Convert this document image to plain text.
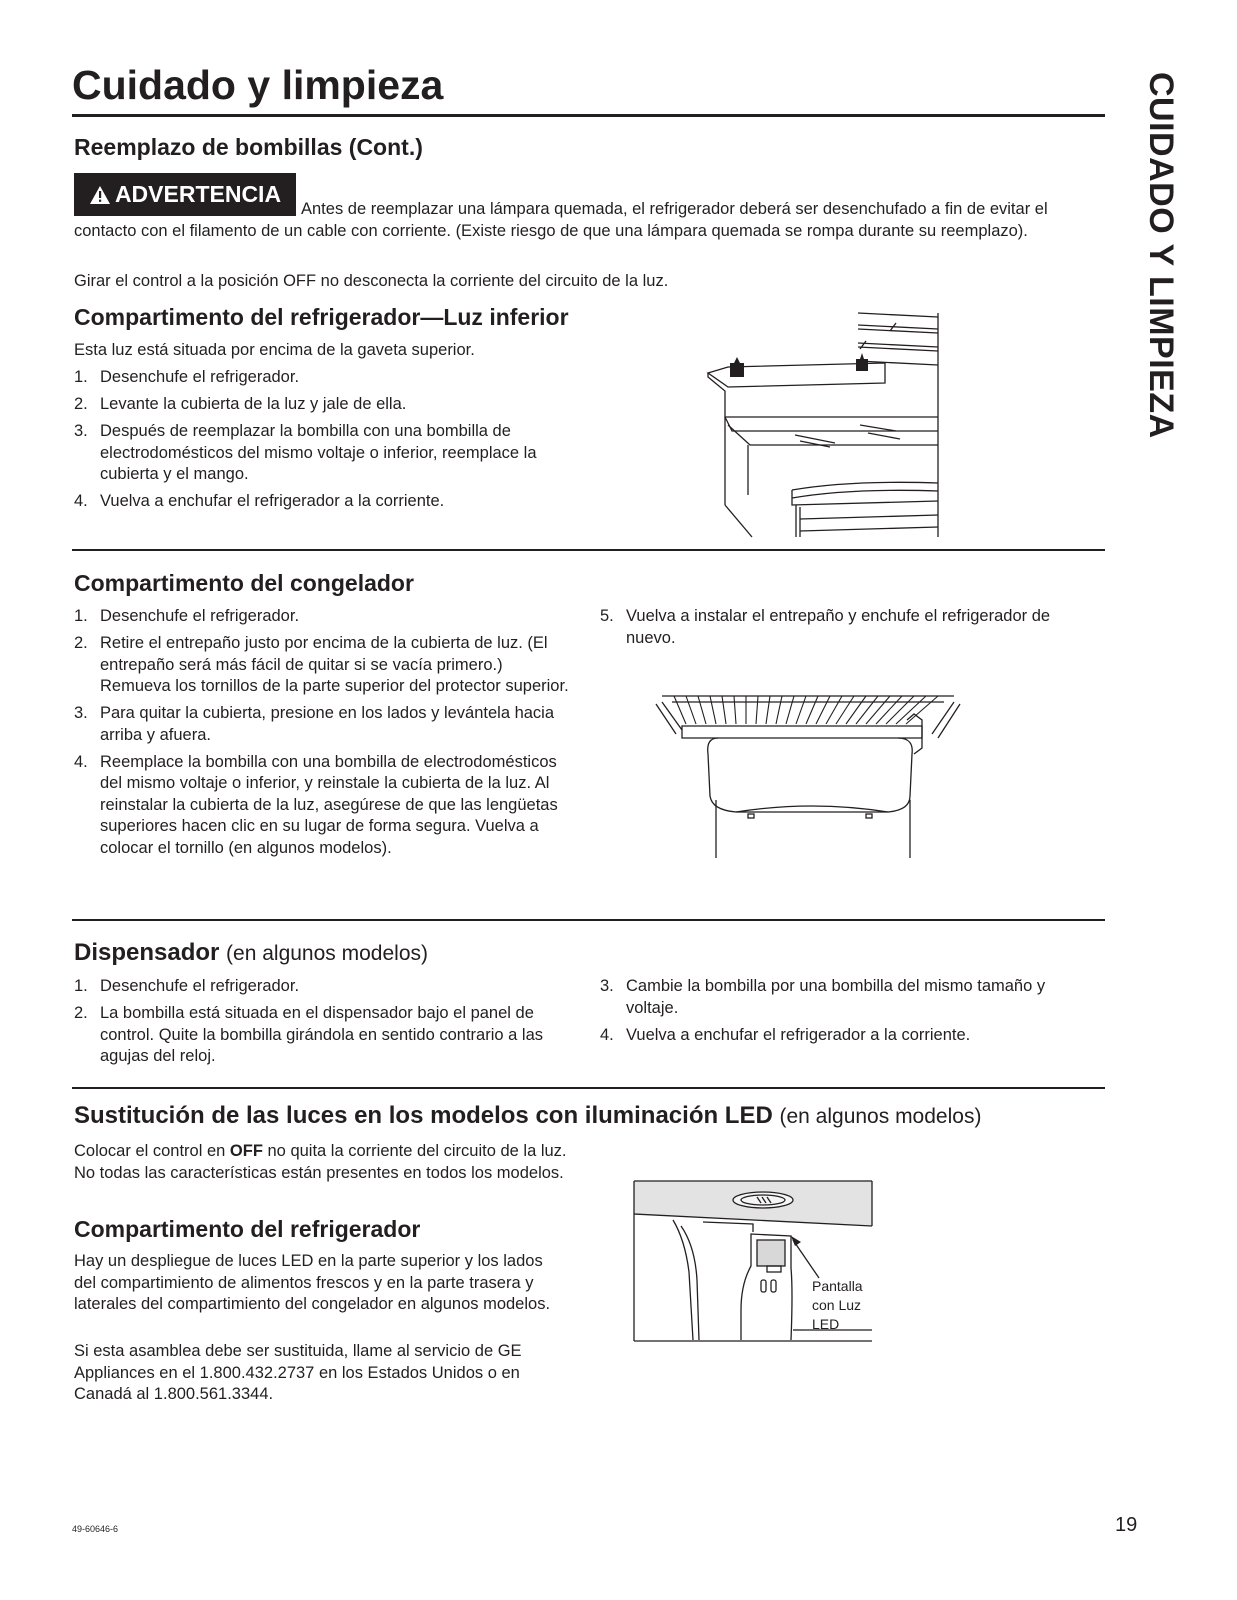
Cuidado y limpieza	CUIDADO Y LIMPIEZA
Reemplazo de bombillas (Cont.)

Antes de reemplazar una lámpara quemada, el refrigerador deberá ser desenchufado a fin de evitar el contacto con el filamento de un cable con corriente. (Existe riesgo de que una lámpara quemada se rompa durante su reemplazo).

ADVERTENCIA

Girar el control a la posición OFF no desconecta la corriente del circuito de la luz.

Compartimento del refrigerador—Luz inferior

Esta luz está situada por encima de la gaveta superior.

1. Desenchufe el refrigerador.
2. Levante la cubierta de la luz y jale de ella.
3. Después de reemplazar la bombilla con una bombilla de electrodomésticos del mismo voltaje o inferior, reemplace la cubierta y el mango.
4. Vuelva a enchufar el refrigerador a la corriente.
Compartimento del congelador
1. Desenchufe el refrigerador.
2. Retire el entrepaño justo por encima de la cubierta de luz. (El entrepaño será más fácil de quitar si se vacía primero.) Remueva los tornillos de la parte superior del protector superior.
3. Para quitar la cubierta, presione en los lados y levántela hacia arriba y afuera.
4. Reemplace la bombilla con una bombilla de electrodomésticos del mismo voltaje o inferior, y reinstale la cubierta de la luz. Al reinstalar la cubierta de la luz, asegúrese de que las lengüetas superiores hacen clic en su lugar de forma segura. Vuelva a colocar el tornillo (en algunos modelos).
5. Vuelva a instalar el entrepaño y enchufe el refrigerador de nuevo.
Dispensador (en algunos modelos)
1. Desenchufe el refrigerador.
2. La bombilla está situada en el dispensador bajo el panel de control. Quite la bombilla girándola en sentido contrario a las agujas del reloj.
3. Cambie la bombilla por una bombilla del mismo tamaño y voltaje.
4. Vuelva a enchufar el refrigerador a la corriente.
Sustitución de las luces en los modelos con iluminación LED (en algunos modelos)

Colocar el control en OFF no quita la corriente del circuito de la luz. No todas las características están presentes en todos los modelos.

Compartimento del refrigerador

Hay un despliegue de luces LED en la parte superior y los lados del compartimiento de alimentos frescos y en la parte trasera y laterales del compartimiento del congelador en algunos modelos.

Si esta asamblea debe ser sustituida, llame al servicio de GE Appliances en el 1.800.432.2737 en los Estados Unidos o en Canadá al 1.800.561.3344.

Pantalla
con Luz
LED
49-60646-6	19
